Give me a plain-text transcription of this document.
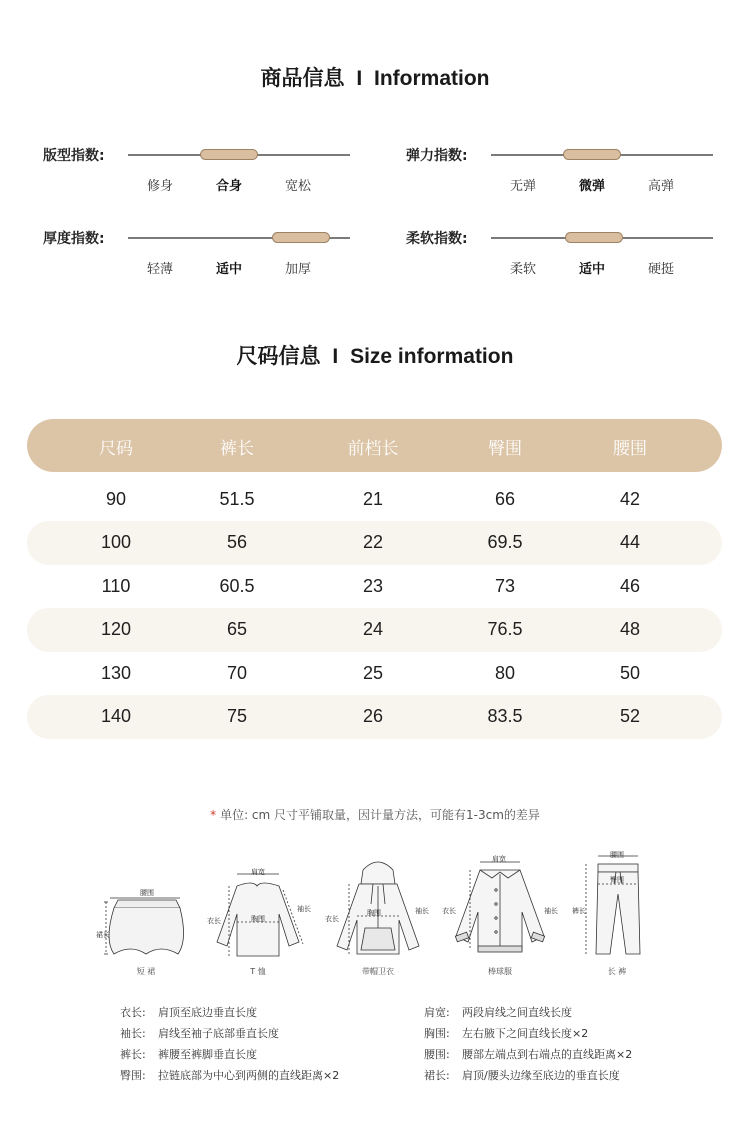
商品信息 I Information
版型指数:
修身	合身	宽松
弹力指数:
无弹	微弹	高弹
厚度指数:
轻薄	适中	加厚
柔软指数:
柔软	适中	硬挺
尺码信息 I Size information
尺码	裤长	前档长	臀围	腰围
90	51.5	21	66	42
100	56	22	69.5	44
110	60.5	23	73	46
120	65	24	76.5	48
130	70	25	80	50
140	75	26	83.5	52
* 单位: cm 尺寸平铺取量，因计量方法，可能有1-3cm的差异
腰围
裙长
短 裙
肩宽
胸围
衣长
袖长
T 恤
胸围
衣长
袖长
带帽卫衣
肩宽
衣长	袖长
棒球服
腰围
臀围
裤长
长 裤
衣长: 肩顶至底边垂直长度
袖长: 肩线至袖子底部垂直长度
裤长: 裤腰至裤脚垂直长度
臀围: 拉链底部为中心到两侧的直线距离×2
肩宽: 两段肩线之间直线长度
胸围: 左右腋下之间直线长度×2
腰围: 腰部左端点到右端点的直线距离×2
裙长: 肩顶/腰头边缘至底边的垂直长度
